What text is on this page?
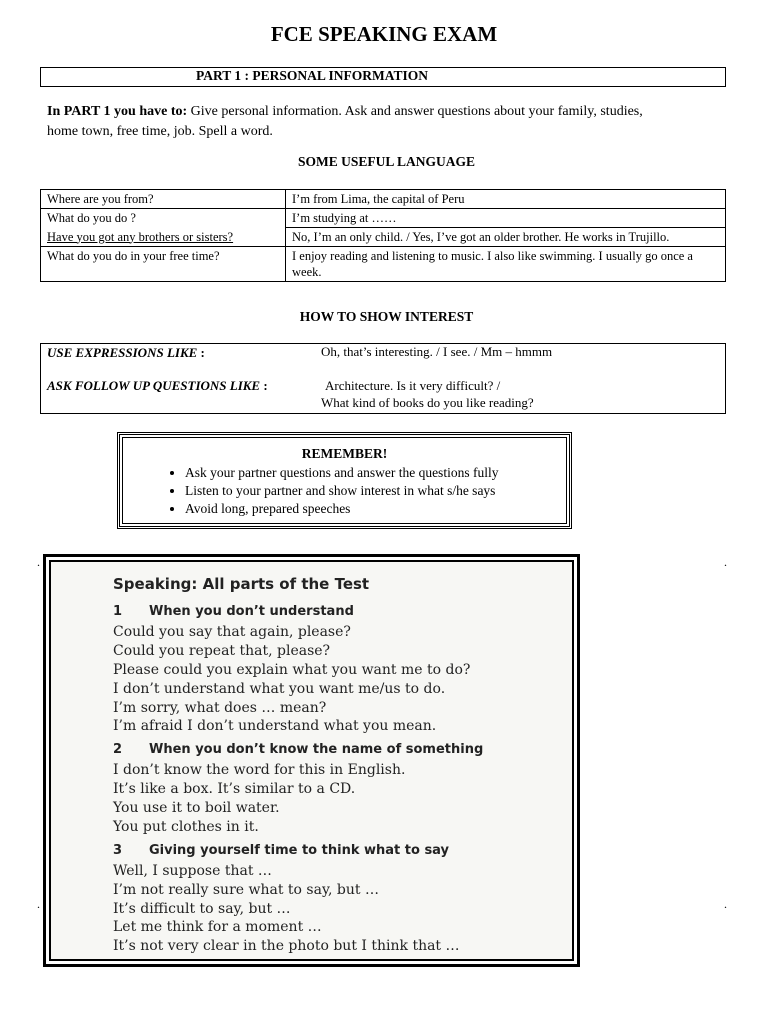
FCE SPEAKING EXAM
PART 1 : PERSONAL INFORMATION
In PART 1 you have to: Give personal information. Ask and answer questions about your family, studies,
home town, free time, job. Spell a word.
SOME USEFUL LANGUAGE
Where are you from?	I’m from Lima, the capital of Peru
What do you do ?	I’m studying at ……
Have you got any brothers or sisters?	No, I’m an only child. / Yes, I’ve got an older brother. He works in Trujillo.
What do you do in your free time?	I enjoy reading and listening to music. I also like swimming. I usually go once a week.
HOW TO SHOW INTEREST
USE EXPRESSIONS LIKE :	Oh, that’s interesting. / I see. / Mm – hmmm
ASK FOLLOW UP QUESTIONS LIKE :	Architecture. Is it very difficult? /
What kind of books do you like reading?
REMEMBER!
• Ask your partner questions and answer the questions fully
• Listen to your partner and show interest in what s/he says
• Avoid long, prepared speeches
.	.
.	.
Speaking: All parts of the Test
1 When you don’t understand
Could you say that again, please?
Could you repeat that, please?
Please could you explain what you want me to do?
I don’t understand what you want me/us to do.
I’m sorry, what does … mean?
I’m afraid I don’t understand what you mean.
2 When you don’t know the name of something
I don’t know the word for this in English.
It’s like a box. It’s similar to a CD.
You use it to boil water.
You put clothes in it.
3 Giving yourself time to think what to say
Well, I suppose that …
I’m not really sure what to say, but …
It’s difficult to say, but …
Let me think for a moment …
It’s not very clear in the photo but I think that …
